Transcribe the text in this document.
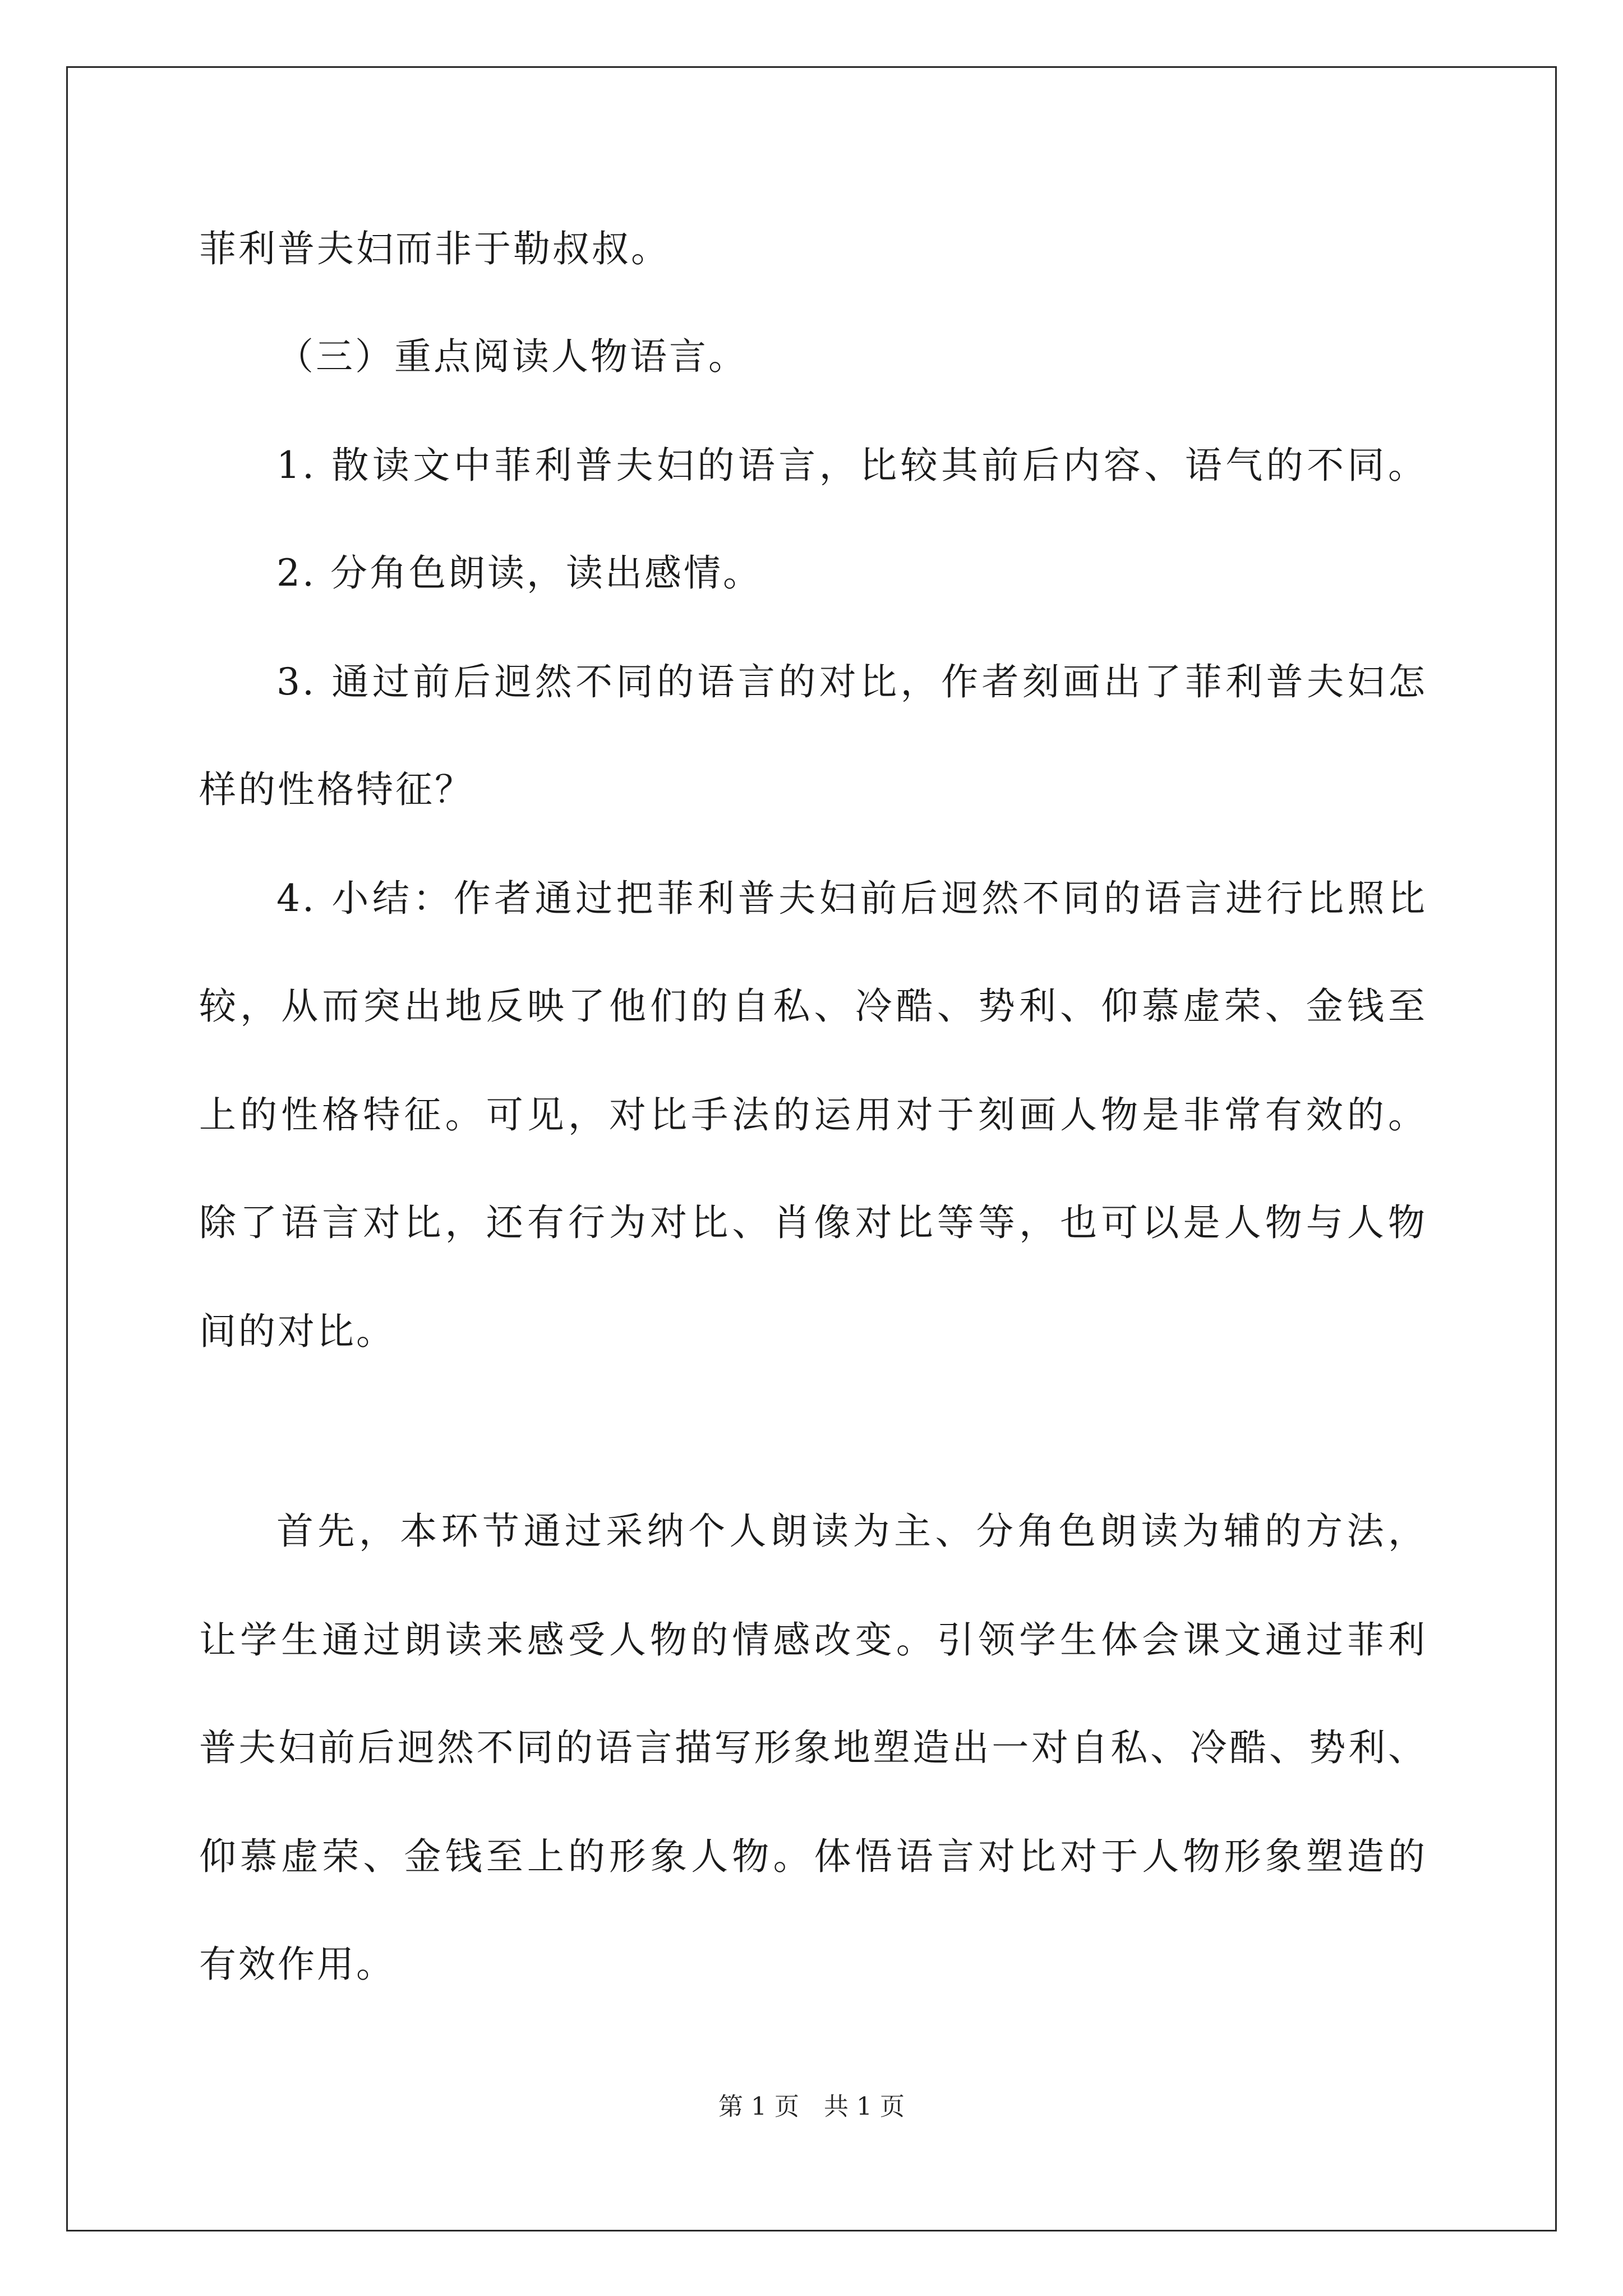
菲利普夫妇而非于勒叔叔。
（三）重点阅读人物语言。
1. 散读文中菲利普夫妇的语言，比较其前后内容、语气的不同。
2. 分角色朗读，读出感情。
3. 通过前后迥然不同的语言的对比，作者刻画出了菲利普夫妇怎
样的性格特征？
4. 小结：作者通过把菲利普夫妇前后迥然不同的语言进行比照比
较，从而突出地反映了他们的自私、冷酷、势利、仰慕虚荣、金钱至
上的性格特征。可见，对比手法的运用对于刻画人物是非常有效的。
除了语言对比，还有行为对比、肖像对比等等，也可以是人物与人物
间的对比。
首先，本环节通过采纳个人朗读为主、分角色朗读为辅的方法，
让学生通过朗读来感受人物的情感改变。引领学生体会课文通过菲利
普夫妇前后迥然不同的语言描写形象地塑造出一对自私、冷酷、势利、
仰慕虚荣、金钱至上的形象人物。体悟语言对比对于人物形象塑造的
有效作用。
第 1 页　共 1 页
